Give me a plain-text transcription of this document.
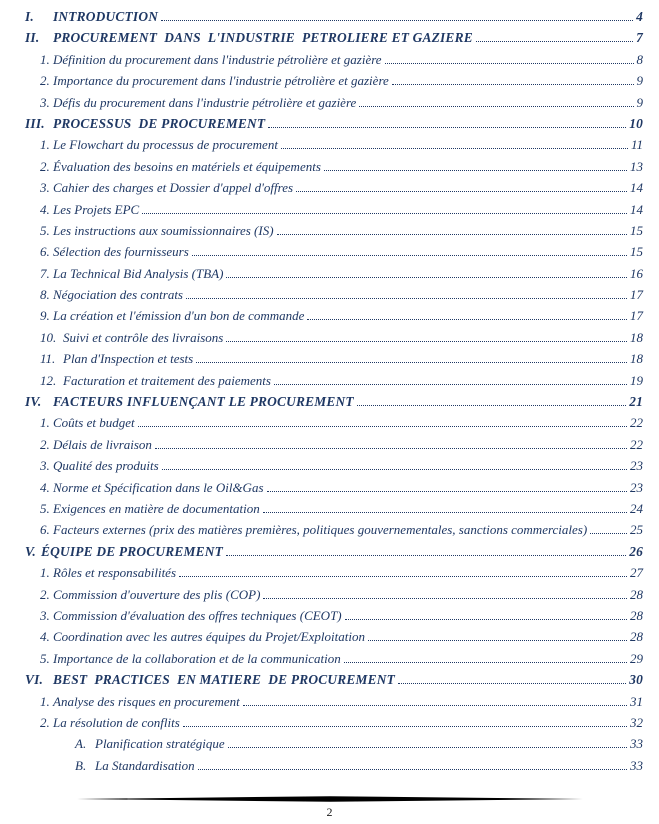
I.	INTRODUCTION	4
II.	PROCUREMENT  DANS  L'INDUSTRIE  PETROLIERE ET GAZIERE	7
1. Définition du procurement dans l'industrie pétrolière et gazière	8
2. Importance du procurement dans l'industrie pétrolière et gazière	9
3. Défis du procurement dans l'industrie pétrolière et gazière	9
III. PROCESSUS  DE PROCUREMENT	10
1. Le Flowchart du processus de procurement	11
2. Évaluation des besoins en matériels et équipements	13
3. Cahier des charges et Dossier d'appel d'offres	14
4. Les Projets EPC	14
5. Les instructions aux soumissionnaires (IS)	15
6. Sélection des fournisseurs	15
7. La Technical Bid Analysis (TBA)	16
8. Négociation des contrats	17
9. La création et l'émission d'un bon de commande	17
10. Suivi et contrôle des livraisons	18
11. Plan d'Inspection et tests	18
12. Facturation et traitement des paiements	19
IV. FACTEURS INFLUENÇANT LE PROCUREMENT	21
1. Coûts et budget	22
2. Délais de livraison	22
3. Qualité des produits	23
4. Norme et Spécification dans le Oil&Gas	23
5. Exigences en matière de documentation	24
6. Facteurs externes (prix des matières premières, politiques gouvernementales, sanctions commerciales)	25
V. ÉQUIPE DE PROCUREMENT	26
1. Rôles et responsabilités	27
2. Commission d'ouverture des plis (COP)	28
3. Commission d'évaluation des offres techniques (CEOT)	28
4. Coordination avec les autres équipes du Projet/Exploitation	28
5. Importance de la collaboration et de la communication	29
VI. BEST  PRACTICES  EN MATIERE  DE PROCUREMENT	30
1. Analyse des risques en procurement	31
2. La résolution de conflits	32
A. Planification stratégique	33
B. La Standardisation	33
2
